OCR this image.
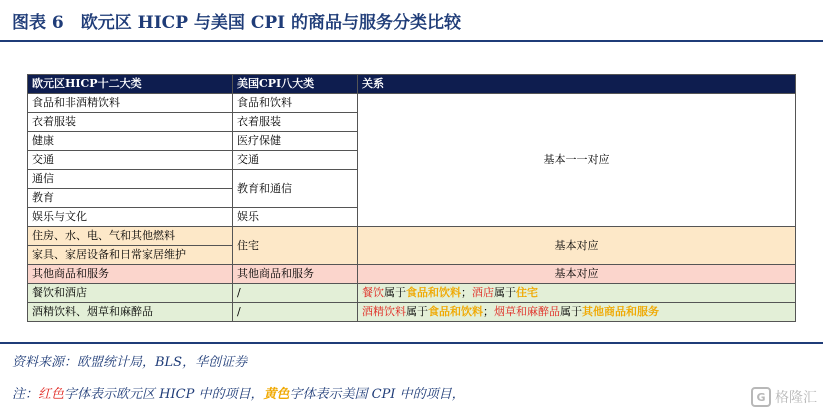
图表 6　欧元区 HICP 与美国 CPI 的商品与服务分类比较
欧元区HICP十二大类	美国CPI八大类	关系
食品和非酒精饮料	食品和饮料	基本一一对应
衣着服装	衣着服装	
健康	医疗保健	
交通	交通	
通信	教育和通信	
教育		
娱乐与文化	娱乐	
住房、水、电、气和其他燃料	住宅	基本对应
家具、家居设备和日常家居维护		
其他商品和服务	其他商品和服务	基本对应
餐饮和酒店	/	餐饮属于食品和饮料；酒店属于住宅
酒精饮料、烟草和麻醉品	/	酒精饮料属于食品和饮料；烟草和麻醉品属于其他商品和服务
资料来源：欧盟统计局，BLS，华创证券
注：红色字体表示欧元区 HICP 中的项目，黄色字体表示美国 CPI 中的项目，	G 格隆汇
